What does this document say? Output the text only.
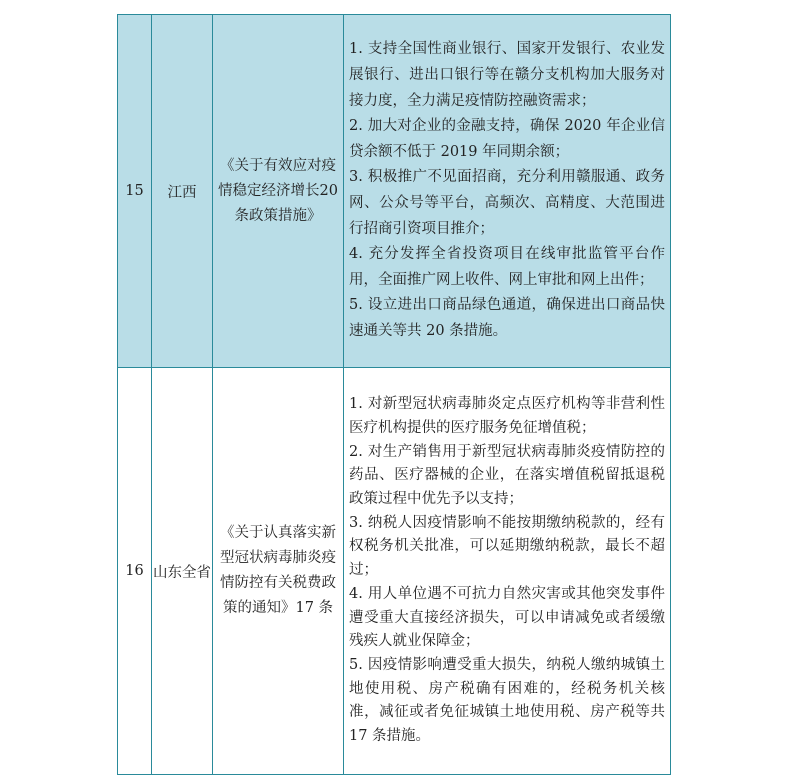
15	江西	《关于有效应对疫情稳定经济增长20条政策措施》	1. 支持全国性商业银行、国家开发银行、农业发展银行、进出口银行等在赣分支机构加大服务对接力度，全力满足疫情防控融资需求；
2. 加大对企业的金融支持，确保 2020 年企业信贷余额不低于 2019 年同期余额；
3. 积极推广不见面招商，充分利用赣服通、政务网、公众号等平台，高频次、高精度、大范围进行招商引资项目推介；
4. 充分发挥全省投资项目在线审批监管平台作用，全面推广网上收件、网上审批和网上出件；
5. 设立进出口商品绿色通道，确保进出口商品快速通关等共 20 条措施。

16	山东全省	《关于认真落实新型冠状病毒肺炎疫情防控有关税费政策的通知》17 条	1. 对新型冠状病毒肺炎定点医疗机构等非营利性医疗机构提供的医疗服务免征增值税；
2. 对生产销售用于新型冠状病毒肺炎疫情防控的药品、医疗器械的企业，在落实增值税留抵退税政策过程中优先予以支持；
3. 纳税人因疫情影响不能按期缴纳税款的，经有权税务机关批准，可以延期缴纳税款，最长不超过；
4. 用人单位遇不可抗力自然灾害或其他突发事件遭受重大直接经济损失，可以申请减免或者缓缴残疾人就业保障金；
5. 因疫情影响遭受重大损失，纳税人缴纳城镇土地使用税、房产税确有困难的，经税务机关核准，减征或者免征城镇土地使用税、房产税等共 17 条措施。
